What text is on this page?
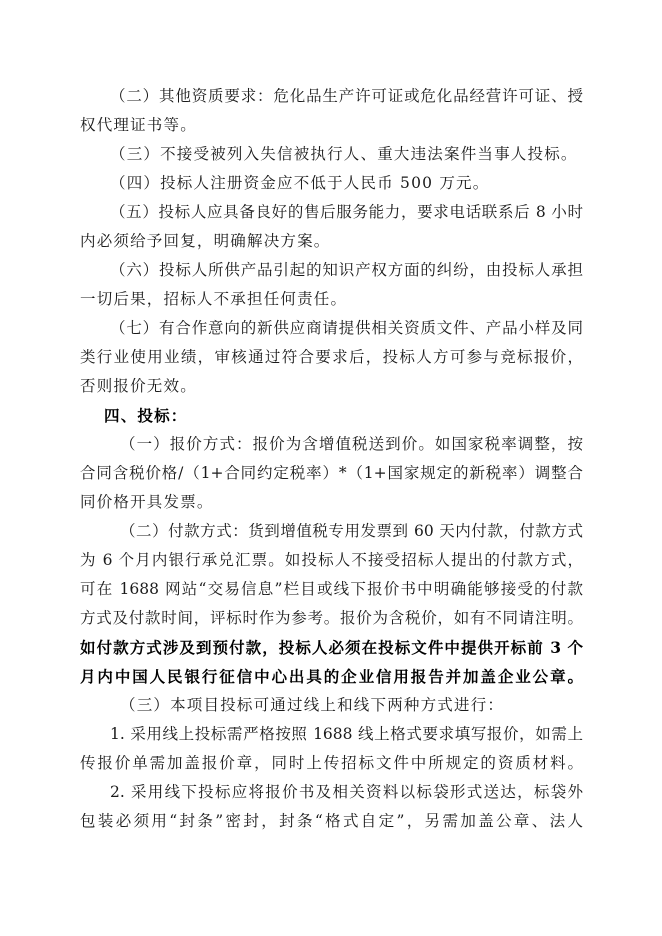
（二）其他资质要求：危化品生产许可证或危化品经营许可证、授
权代理证书等。
（三）不接受被列入失信被执行人、重大违法案件当事人投标。
（四）投标人注册资金应不低于人民币 500 万元。
（五）投标人应具备良好的售后服务能力，要求电话联系后 8 小时
内必须给予回复，明确解决方案。
（六）投标人所供产品引起的知识产权方面的纠纷，由投标人承担
一切后果，招标人不承担任何责任。
（七）有合作意向的新供应商请提供相关资质文件、产品小样及同
类行业使用业绩，审核通过符合要求后，投标人方可参与竞标报价，
否则报价无效。
四、投标：
（一）报价方式：报价为含增值税送到价。如国家税率调整，按
合同含税价格/（1+合同约定税率）*（1+国家规定的新税率）调整合
同价格开具发票。
（二）付款方式：货到增值税专用发票到 60 天内付款，付款方式
为 6 个月内银行承兑汇票。如投标人不接受招标人提出的付款方式，
可在 1688 网站“交易信息”栏目或线下报价书中明确能够接受的付款
方式及付款时间，评标时作为参考。报价为含税价，如有不同请注明。
如付款方式涉及到预付款，投标人必须在投标文件中提供开标前 3 个
月内中国人民银行征信中心出具的企业信用报告并加盖企业公章。
（三）本项目投标可通过线上和线下两种方式进行：
1. 采用线上投标需严格按照 1688 线上格式要求填写报价，如需上
传报价单需加盖报价章，同时上传招标文件中所规定的资质材料。
2. 采用线下投标应将报价书及相关资料以标袋形式送达，标袋外
包装必须用“封条”密封，封条“格式自定”，另需加盖公章、法人
